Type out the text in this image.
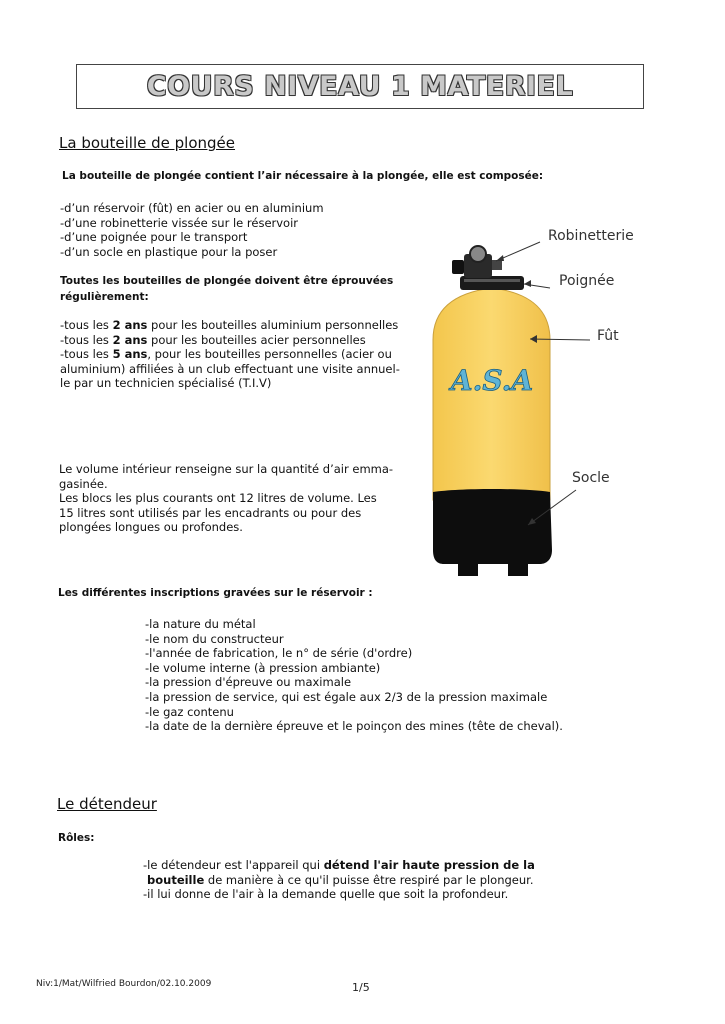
COURS NIVEAU 1 MATERIEL
La bouteille de plongée
La bouteille de plongée contient l’air nécessaire à la plongée, elle est composée:
-d’un réservoir (fût) en acier ou en aluminium
-d’une robinetterie vissée sur le réservoir
-d’une poignée pour le transport
-d’un socle en plastique pour la poser
Toutes les bouteilles de plongée doivent être éprouvées
régulièrement:
-tous les 2 ans pour les bouteilles aluminium personnelles
-tous les 2 ans pour les bouteilles acier personnelles
-tous les 5 ans, pour les bouteilles personnelles (acier ou
aluminium) affiliées à un club effectuant une visite annuel-
le par un technicien spécialisé (T.I.V)
Le volume intérieur renseigne sur la quantité d’air emma-
gasinée.
Les blocs les plus courants ont 12 litres de volume. Les
15 litres sont utilisés par les encadrants ou pour des
plongées longues ou profondes.
A.S.A
Robinetterie
Poignée
Fût
Socle
Les différentes inscriptions gravées sur le réservoir :
-la nature du métal
-le nom du constructeur
-l'année de fabrication, le n° de série (d'ordre)
-le volume interne (à pression ambiante)
-la pression d'épreuve ou maximale
-la pression de service, qui est égale aux 2/3 de la pression maximale
-le gaz contenu
-la date de la dernière épreuve et le poinçon des mines (tête de cheval).
Le détendeur
Rôles:
-le détendeur est l'appareil qui détend l'air haute pression de la
bouteille de manière à ce qu'il puisse être respiré par le plongeur.
-il lui donne de l'air à la demande quelle que soit la profondeur.
Niv:1/Mat/Wilfried Bourdon/02.10.2009	1/5
